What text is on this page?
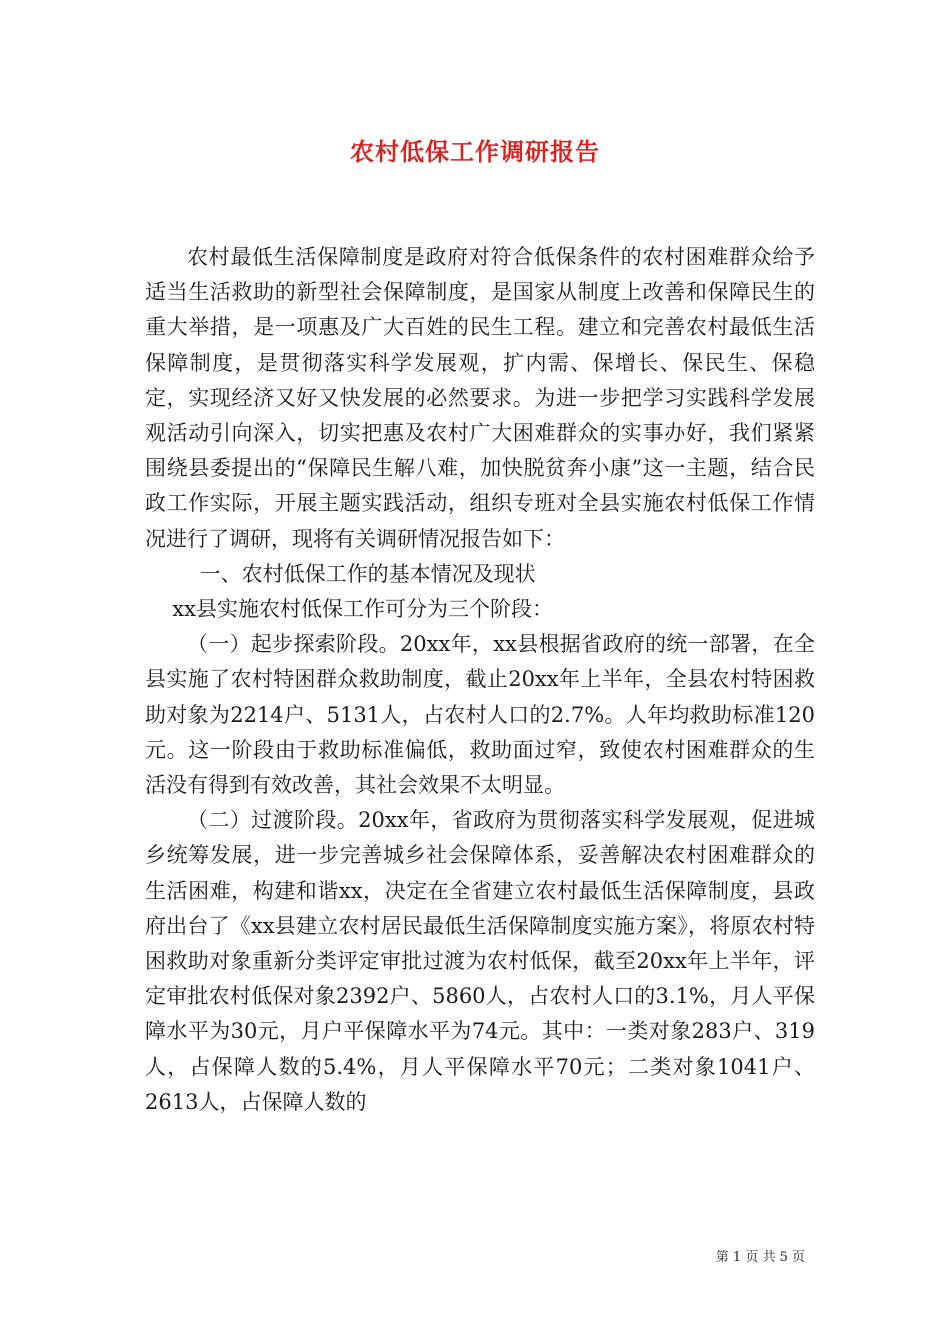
农村低保工作调研报告

农村最低生活保障制度是政府对符合低保条件的农村困难群众给予适当生活救助的新型社会保障制度，是国家从制度上改善和保障民生的重大举措，是一项惠及广大百姓的民生工程。建立和完善农村最低生活保障制度，是贯彻落实科学发展观，扩内需、保增长、保民生、保稳定，实现经济又好又快发展的必然要求。为进一步把学习实践科学发展观活动引向深入，切实把惠及农村广大困难群众的实事办好，我们紧紧围绕县委提出的“保障民生解八难，加快脱贫奔小康”这一主题，结合民政工作实际，开展主题实践活动，组织专班对全县实施农村低保工作情况进行了调研，现将有关调研情况报告如下：

一、农村低保工作的基本情况及现状

xx县实施农村低保工作可分为三个阶段：

（一）起步探索阶段。20xx年，xx县根据省政府的统一部署，在全县实施了农村特困群众救助制度，截止20xx年上半年，全县农村特困救助对象为2214户、5131人，占农村人口的2.7%。人年均救助标准120元。这一阶段由于救助标准偏低，救助面过窄，致使农村困难群众的生活没有得到有效改善，其社会效果不太明显。

（二）过渡阶段。20xx年，省政府为贯彻落实科学发展观，促进城乡统筹发展，进一步完善城乡社会保障体系，妥善解决农村困难群众的生活困难，构建和谐xx，决定在全省建立农村最低生活保障制度，县政府出台了《xx县建立农村居民最低生活保障制度实施方案》，将原农村特困救助对象重新分类评定审批过渡为农村低保，截至20xx年上半年，评定审批农村低保对象2392户、5860人，占农村人口的3.1%，月人平保障水平为30元，月户平保障水平为74元。其中：一类对象283户、319人，占保障人数的5.4%，月人平保障水平70元；二类对象1041户、2613人，占保障人数的

第 1 页 共 5 页
